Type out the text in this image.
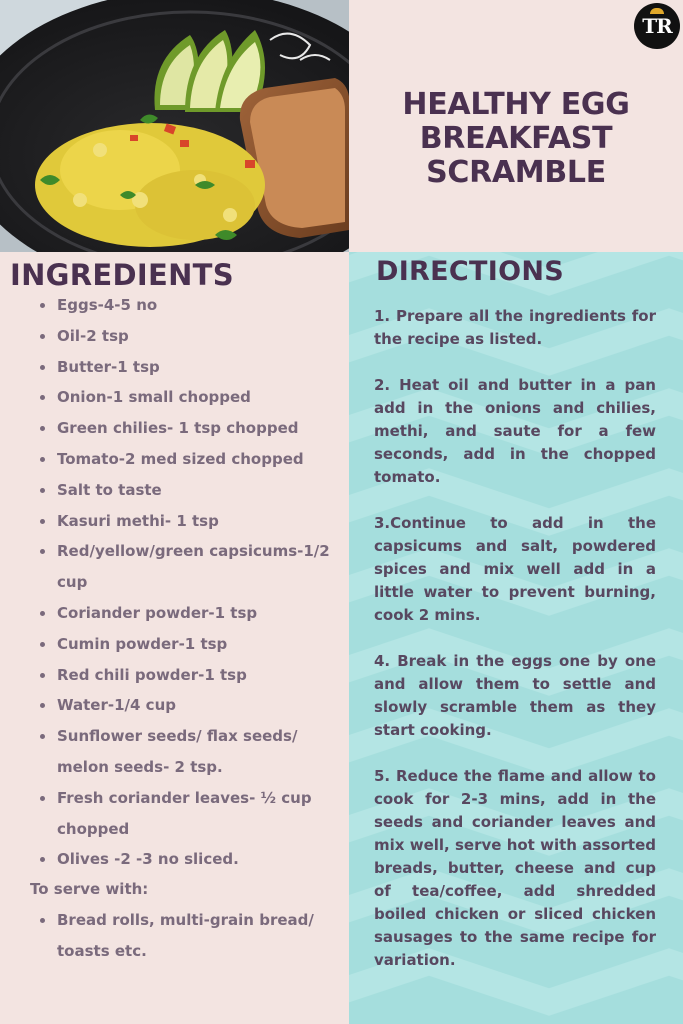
TR
HEALTHY EGG BREAKFAST SCRAMBLE
INGREDIENTS
Eggs-4-5 no
Oil-2 tsp
Butter-1 tsp
Onion-1 small chopped
Green chilies- 1 tsp chopped
Tomato-2 med sized chopped
Salt to taste
Kasuri methi- 1 tsp
Red/yellow/green capsicums-1/2 cup
Coriander powder-1 tsp
Cumin powder-1 tsp
Red chili powder-1 tsp
Water-1/4 cup
Sunflower seeds/ flax seeds/ melon seeds- 2 tsp.
Fresh coriander leaves- ½ cup chopped
Olives -2 -3 no sliced.
To serve with:
Bread rolls, multi-grain bread/ toasts etc.
DIRECTIONS

1. Prepare all the ingredients for the recipe as listed.

2. Heat oil and butter in a pan add in the onions and chilies, methi, and saute for a few seconds, add in the chopped tomato.

3.Continue to add in the capsicums and salt, powdered spices and mix well add in a little water to prevent burning, cook 2 mins.

4. Break in the eggs one by one and allow them to settle and slowly scramble them as they start cooking.

5. Reduce the flame and allow to cook for 2-3 mins, add in the seeds and coriander leaves and mix well, serve hot with assorted breads, butter, cheese and cup of tea/coffee, add shredded boiled chicken or sliced chicken sausages to the same recipe for variation.
